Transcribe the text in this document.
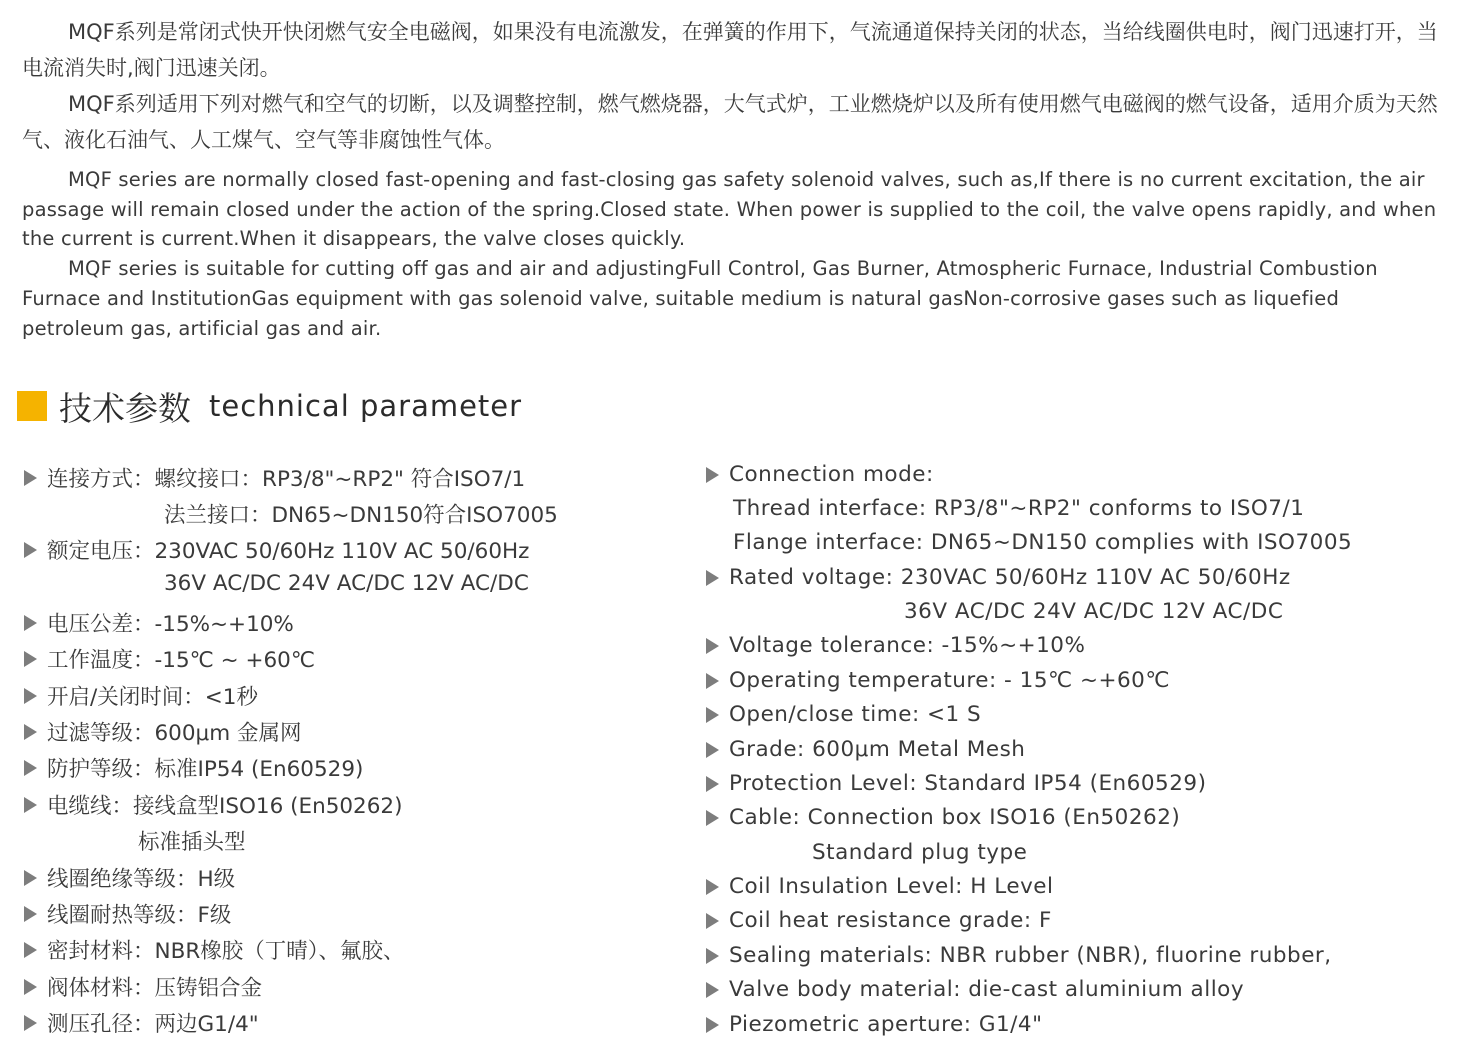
MQF系列是常闭式快开快闭燃气安全电磁阀，如果没有电流激发，在弹簧的作用下，气流通道保持关闭的状态，当给线圈供电时，阀门迅速打开，当电流消失时,阀门迅速关闭。

MQF系列适用下列对燃气和空气的切断，以及调整控制，燃气燃烧器，大气式炉，工业燃烧炉以及所有使用燃气电磁阀的燃气设备，适用介质为天然气、液化石油气、人工煤气、空气等非腐蚀性气体。

MQF series are normally closed fast-opening and fast-closing gas safety solenoid valves, such as,If there is no current excitation, the air passage will remain closed under the action of the spring.Closed state. When power is supplied to the coil, the valve opens rapidly, and when the current is current.When it disappears, the valve closes quickly.

MQF series is suitable for cutting off gas and air and adjustingFull Control, Gas Burner, Atmospheric Furnace, Industrial Combustion Furnace and InstitutionGas equipment with gas solenoid valve, suitable medium is natural gasNon-corrosive gases such as liquefied petroleum gas, artificial gas and air.

技术参数 technical parameter
连接方式：螺纹接口：RP3/8"~RP2" 符合ISO7/1
法兰接口：DN65~DN150符合ISO7005
额定电压：230VAC 50/60Hz 110V AC 50/60Hz
36V AC/DC 24V AC/DC 12V AC/DC
电压公差：-15%~+10%
工作温度：-15℃ ~ +60℃
开启/关闭时间：<1秒
过滤等级：600μm 金属网
防护等级：标准IP54 (En60529)
电缆线：接线盒型ISO16 (En50262)
标准插头型
线圈绝缘等级：H级
线圈耐热等级：F级
密封材料：NBR橡胶（丁晴）、氟胶、
阀体材料：压铸铝合金
测压孔径：两边G1/4"
Connection mode:
Thread interface: RP3/8"~RP2" conforms to ISO7/1
Flange interface: DN65~DN150 complies with ISO7005
Rated voltage: 230VAC 50/60Hz 110V AC 50/60Hz
36V AC/DC 24V AC/DC 12V AC/DC
Voltage tolerance: -15%~+10%
Operating temperature: - 15℃ ~+60℃
Open/close time: <1 S
Grade: 600μm Metal Mesh
Protection Level: Standard IP54 (En60529)
Cable: Connection box ISO16 (En50262)
Standard plug type
Coil Insulation Level: H Level
Coil heat resistance grade: F
Sealing materials: NBR rubber (NBR), fluorine rubber,
Valve body material: die-cast aluminium alloy
Piezometric aperture: G1/4"
